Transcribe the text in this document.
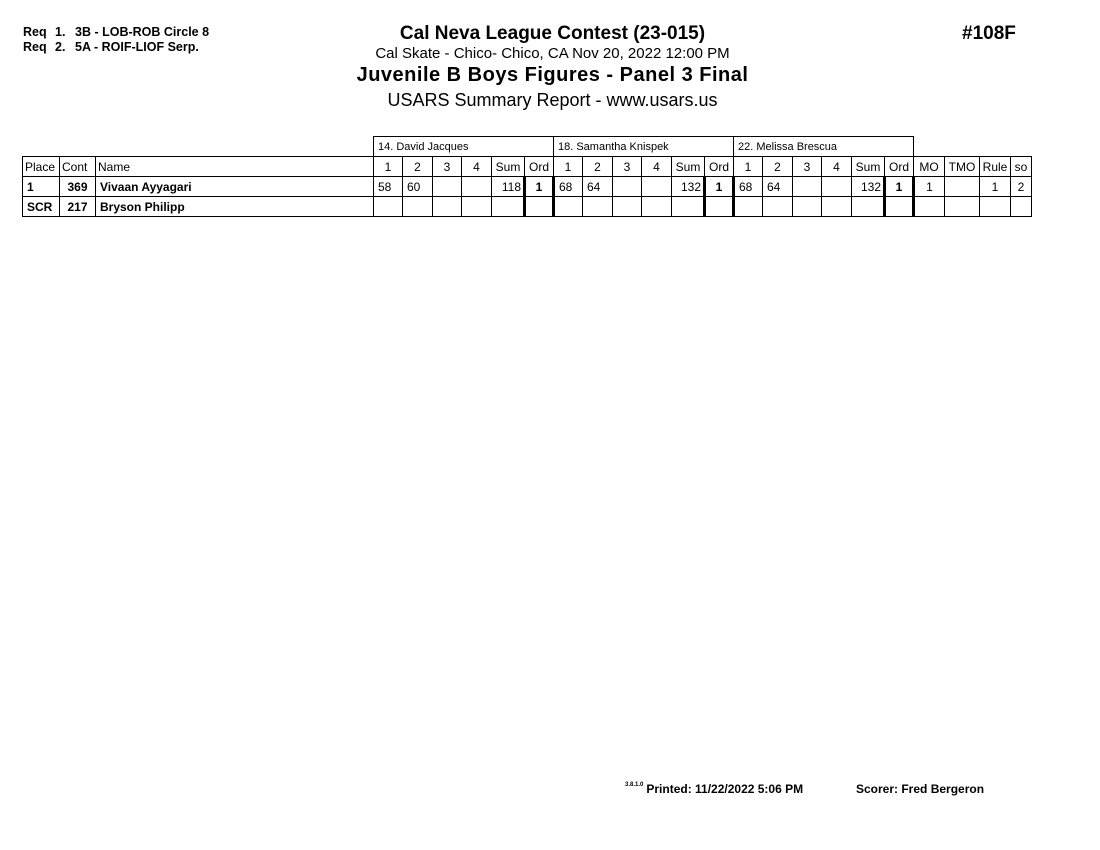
Req 1. 3B - LOB-ROB Circle 8
Req 2. 5A - ROIF-LIOF Serp.
Cal Neva League Contest (23-015)
Cal Skate - Chico- Chico, CA Nov 20, 2022 12:00 PM
Juvenile B Boys Figures - Panel 3 Final
USARS Summary Report - www.usars.us
#108F
			14. David Jacques						18. Samantha Knispek						22. Melissa Brescua									
Place	Cont	Name	1	2	3	4	Sum	Ord	1	2	3	4	Sum	Ord	1	2	3	4	Sum	Ord	MO	TMO	Rule	so
1	369	Vivaan Ayyagari	58	60			118	1	68	64			132	1	68	64			132	1	1		1	2
SCR	217	Bryson Philipp																						
$^{3.8.1.0}$ Printed: 11/22/2022 5:06 PM	Scorer: Fred Bergeron
